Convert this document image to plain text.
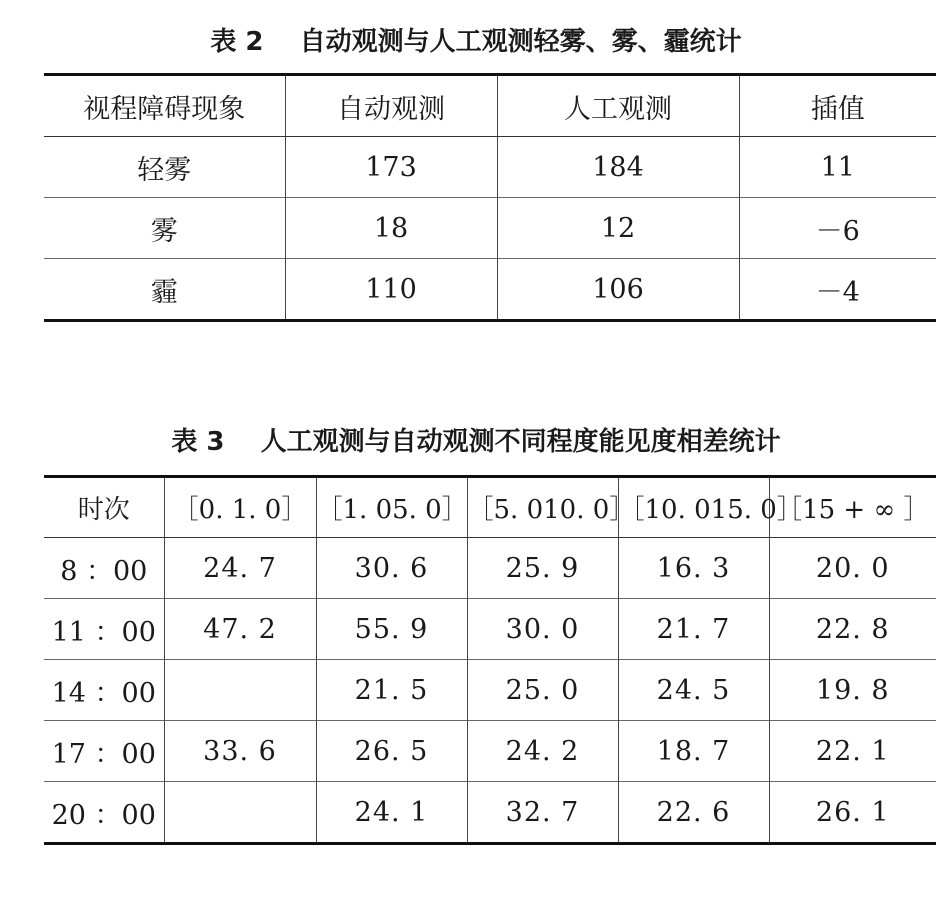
表 2    自动观测与人工观测轻雾、雾、霾统计
视程障碍现象	自动观测	人工观测	插值
轻雾	173	184	11
雾	18	12	－6
霾	110	106	－4
表 3    人工观测与自动观测不同程度能见度相差统计
时次	［0. 1. 0］	［1. 05. 0］	［5. 010. 0］	［10. 015. 0］	［15 + ∞ ］
8 ：00	24. 7	30. 6	25. 9	16. 3	20. 0
11 ：00	47. 2	55. 9	30. 0	21. 7	22. 8
14 ：00		21. 5	25. 0	24. 5	19. 8
17 ：00	33. 6	26. 5	24. 2	18. 7	22. 1
20 ：00		24. 1	32. 7	22. 6	26. 1
